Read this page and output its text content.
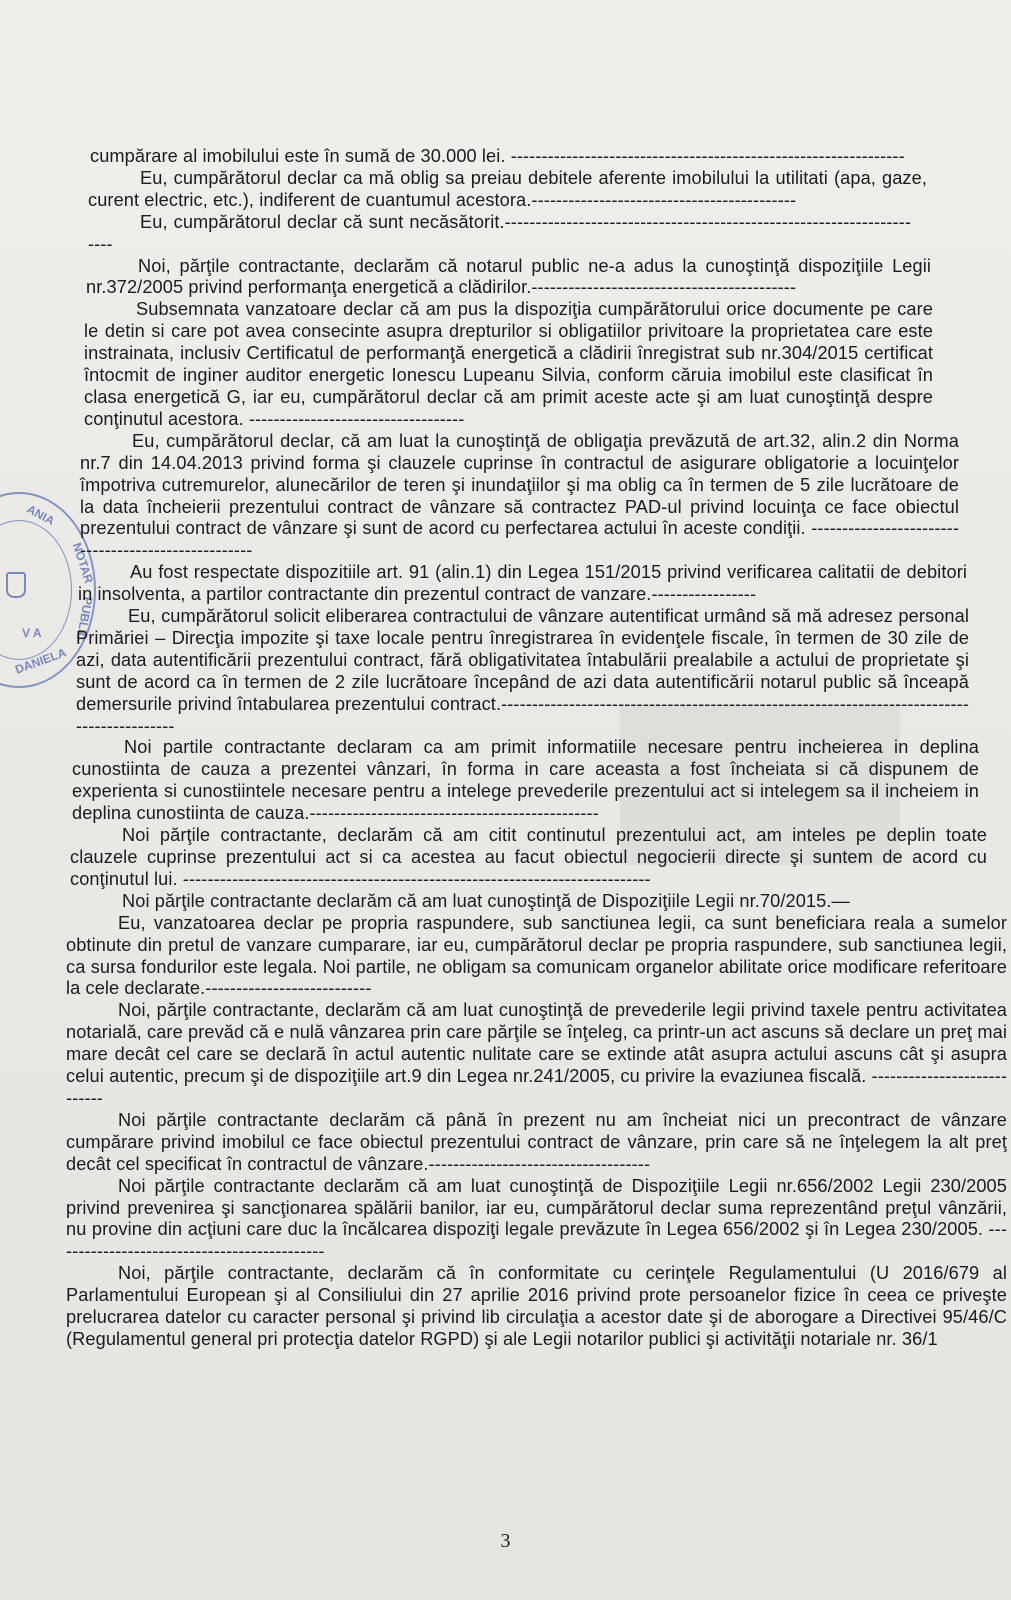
ANIA
NOTAR
PUBLIC
V A
DANIELA

cumpărare al imobilului este în sumă de 30.000 lei. ----------------------------------------------------------------

Eu, cumpărătorul declar ca mă oblig sa preiau debitele aferente imobilului la utilitati (apa, gaze, curent electric, etc.), indiferent de cuantumul acestora.-------------------------------------------

Eu, cumpărătorul declar că sunt necăsătorit.----------------------------------------------------------------------

Noi, părţile contractante, declarăm că notarul public ne-a adus la cunoştinţă dispoziţiile Legii nr.372/2005 privind performanţa energetică a clădirilor.-------------------------------------------

Subsemnata vanzatoare declar că am pus la dispoziţia cumpărătorului orice documente pe care le detin si care pot avea consecinte asupra drepturilor si obligatiilor privitoare la proprietatea care este instrainata, inclusiv Certificatul de performanţă energetică a clădirii înregistrat sub nr.304/2015 certificat întocmit de inginer auditor energetic Ionescu Lupeanu Silvia, conform căruia imobilul este clasificat în clasa energetică G, iar eu, cumpărătorul declar că am primit aceste acte şi am luat cunoştinţă despre conţinutul acestora. -----------------------------------

Eu, cumpărătorul declar, că am luat la cunoştinţă de obligaţia prevăzută de art.32, alin.2 din Norma nr.7 din 14.04.2013 privind forma şi clauzele cuprinse în contractul de asigurare obligatorie a locuinţelor împotriva cutremurelor, alunecărilor de teren şi inundaţiilor şi ma oblig ca în termen de 5 zile lucrătoare de la data încheierii prezentului contract de vânzare să contractez PAD-ul privind locuinţa ce face obiectul prezentului contract de vânzare şi sunt de acord cu perfectarea actului în aceste condiţii. ----------------------------------------------------

Au fost respectate dispozitiile art. 91 (alin.1) din Legea 151/2015 privind verificarea calitatii de debitori in insolventa, a partilor contractante din prezentul contract de vanzare.-----------------

Eu, cumpărătorul solicit eliberarea contractului de vânzare autentificat urmând să mă adresez personal Primăriei – Direcţia impozite şi taxe locale pentru înregistrarea în evidenţele fiscale, în termen de 30 zile de azi, data autentificării prezentului contract, fără obligativitatea întabulării prealabile a actului de proprietate şi sunt de acord ca în termen de 2 zile lucrătoare începând de azi data autentificării notarul public să înceapă demersurile privind întabularea prezentului contract.--------------------------------------------------------------------------------------------

Noi partile contractante declaram ca am primit informatiile necesare pentru incheierea in deplina cunostiinta de cauza a prezentei vânzari, în forma in care aceasta a fost încheiata si că dispunem de experienta si cunostiintele necesare pentru a intelege prevederile prezentului act si intelegem sa il incheiem in deplina cunostiinta de cauza.-----------------------------------------------

Noi părţile contractante, declarăm că am citit continutul prezentului act, am inteles pe deplin toate clauzele cuprinse prezentului act si ca acestea au facut obiectul negocierii directe şi suntem de acord cu conţinutul lui. ----------------------------------------------------------------------------

Noi părţile contractante declarăm că am luat cunoştinţă de Dispoziţiile Legii nr.70/2015.—

Eu, vanzatoarea declar pe propria raspundere, sub sanctiunea legii, ca sunt beneficiara reala a sumelor obtinute din pretul de vanzare cumparare, iar eu, cumpărătorul declar pe propria raspundere, sub sanctiunea legii, ca sursa fondurilor este legala. Noi partile, ne obligam sa comunicam organelor abilitate orice modificare referitoare la cele declarate.---------------------------

Noi, părţile contractante, declarăm că am luat cunoştinţă de prevederile legii privind taxele pentru activitatea notarială, care prevăd că e nulă vânzarea prin care părţile se înţeleg, ca printr-un act ascuns să declare un preţ mai mare decât cel care se declară în actul autentic nulitate care se extinde atât asupra actului ascuns cât şi asupra celui autentic, precum şi de dispoziţiile art.9 din Legea nr.241/2005, cu privire la evaziunea fiscală. ----------------------------

Noi părţile contractante declarăm că până în prezent nu am încheiat nici un precontract de vânzare cumpărare privind imobilul ce face obiectul prezentului contract de vânzare, prin care să ne înţelegem la alt preţ decât cel specificat în contractul de vânzare.------------------------------------

Noi părţile contractante declarăm că am luat cunoştinţă de Dispoziţiile Legii nr.656/2002 Legii 230/2005 privind prevenirea şi sancţionarea spălării banilor, iar eu, cumpărătorul declar suma reprezentând preţul vânzării, nu provine din acţiuni care duc la încălcarea dispoziţi legale prevăzute în Legea 656/2002 şi în Legea 230/2005. ---------------------------------------------

Noi, părţile contractante, declarăm că în conformitate cu cerinţele Regulamentului (U 2016/679 al Parlamentului European şi al Consiliului din 27 aprilie 2016 privind prote persoanelor fizice în ceea ce priveşte prelucrarea datelor cu caracter personal şi privind lib circulaţia a acestor date şi de aborogare a Directivei 95/46/C (Regulamentul general pri protecţia datelor RGPD) şi ale Legii notarilor publici şi activităţii notariale nr. 36/1

3
